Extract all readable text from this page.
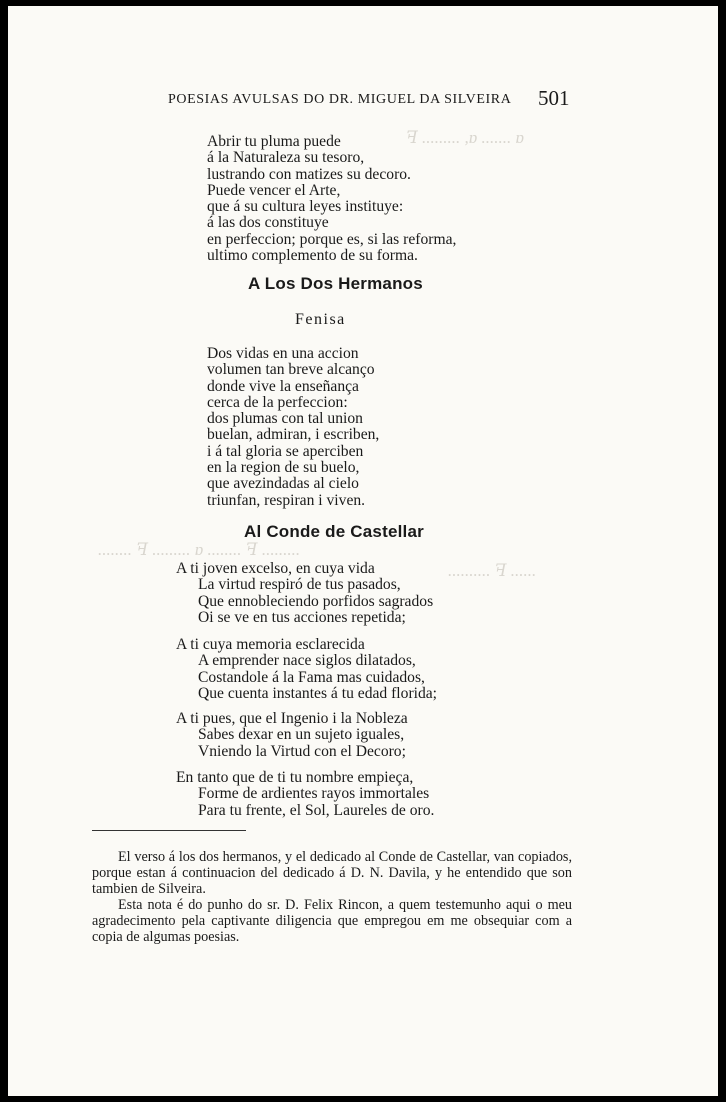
ꟻ ......... ,ɒ ....... ɒ
........ ꟻ ......... ɒ ........ ꟻ .........
.......... ꟻ ......
POESIAS AVULSAS DO DR. MIGUEL DA SILVEIRA 501
Abrir tu pluma puede
á la Naturaleza su tesoro,
lustrando con matizes su decoro.
Puede vencer el Arte,
que á su cultura leyes instituye:
á las dos constituye
en perfeccion; porque es, si las reforma,
ultimo complemento de su forma.
A Los Dos Hermanos
Fenisa
Dos vidas en una accion
volumen tan breve alcanço
donde vive la enseñança
cerca de la perfeccion:
dos plumas con tal union
buelan, admiran, i escriben,
i á tal gloria se aperciben
en la region de su buelo,
que avezindadas al cielo
triunfan, respiran i viven.
Al Conde de Castellar
A ti joven excelso, en cuya vida
La virtud respiró de tus pasados,
Que ennobleciendo porfidos sagrados
Oi se ve en tus acciones repetida;
A ti cuya memoria esclarecida
A emprender nace siglos dilatados,
Costandole á la Fama mas cuidados,
Que cuenta instantes á tu edad florida;
A ti pues, que el Ingenio i la Nobleza
Sabes dexar en un sujeto iguales,
Vniendo la Virtud con el Decoro;
En tanto que de ti tu nombre empieça,
Forme de ardientes rayos immortales
Para tu frente, el Sol, Laureles de oro.

El verso á los dos hermanos, y el dedicado al Conde de Castellar, van copiados, porque estan á continuacion del dedicado á D. N. Davila, y he entendido que son tambien de Silveira.

Esta nota é do punho do sr. D. Felix Rincon, a quem testemunho aqui o meu agradecimento pela captivante diligencia que empregou em me obsequiar com a copia de algumas poesias.
